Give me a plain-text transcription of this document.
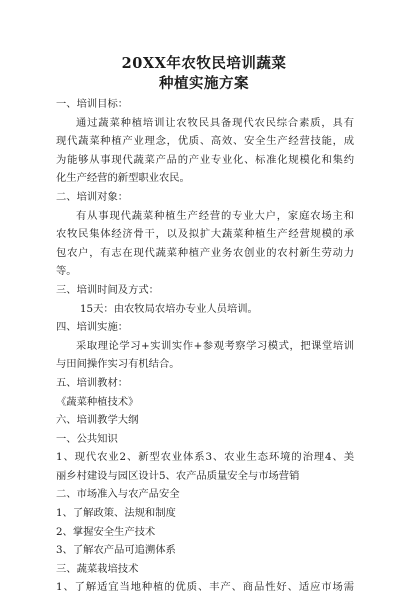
20XX年农牧民培训蔬菜
种植实施方案
一、培训目标：
通过蔬菜种植培训让农牧民具备现代农民综合素质，具有
现代蔬菜种植产业理念，优质、高效、安全生产经营技能，成
为能够从事现代蔬菜产品的产业专业化、标准化规模化和集约
化生产经营的新型职业农民。
二、培训对象：
有从事现代蔬菜种植生产经营的专业大户，家庭农场主和
农牧民集体经济骨干，以及拟扩大蔬菜种植生产经营规模的承
包农户，有志在现代蔬菜种植产业务农创业的农村新生劳动力
等。
三、培训时间及方式：
15天：由农牧局农培办专业人员培训。
四、培训实施：
采取理论学习+实训实作+参观考察学习模式，把课堂培训
与田间操作实习有机结合。
五、培训教材：
《蔬菜种植技术》
六、培训教学大纲
一、公共知识
1、现代农业2、新型农业体系3、农业生态环境的治理4、美
丽乡村建设与园区设计5、农产品质量安全与市场营销
二、市场准入与农产品安全
1、了解政策、法规和制度
2、掌握安全生产技术
3、了解农产品可追溯体系
三、蔬菜栽培技术
1、了解适宜当地种植的优质、丰产、商品性好、适应市场需
